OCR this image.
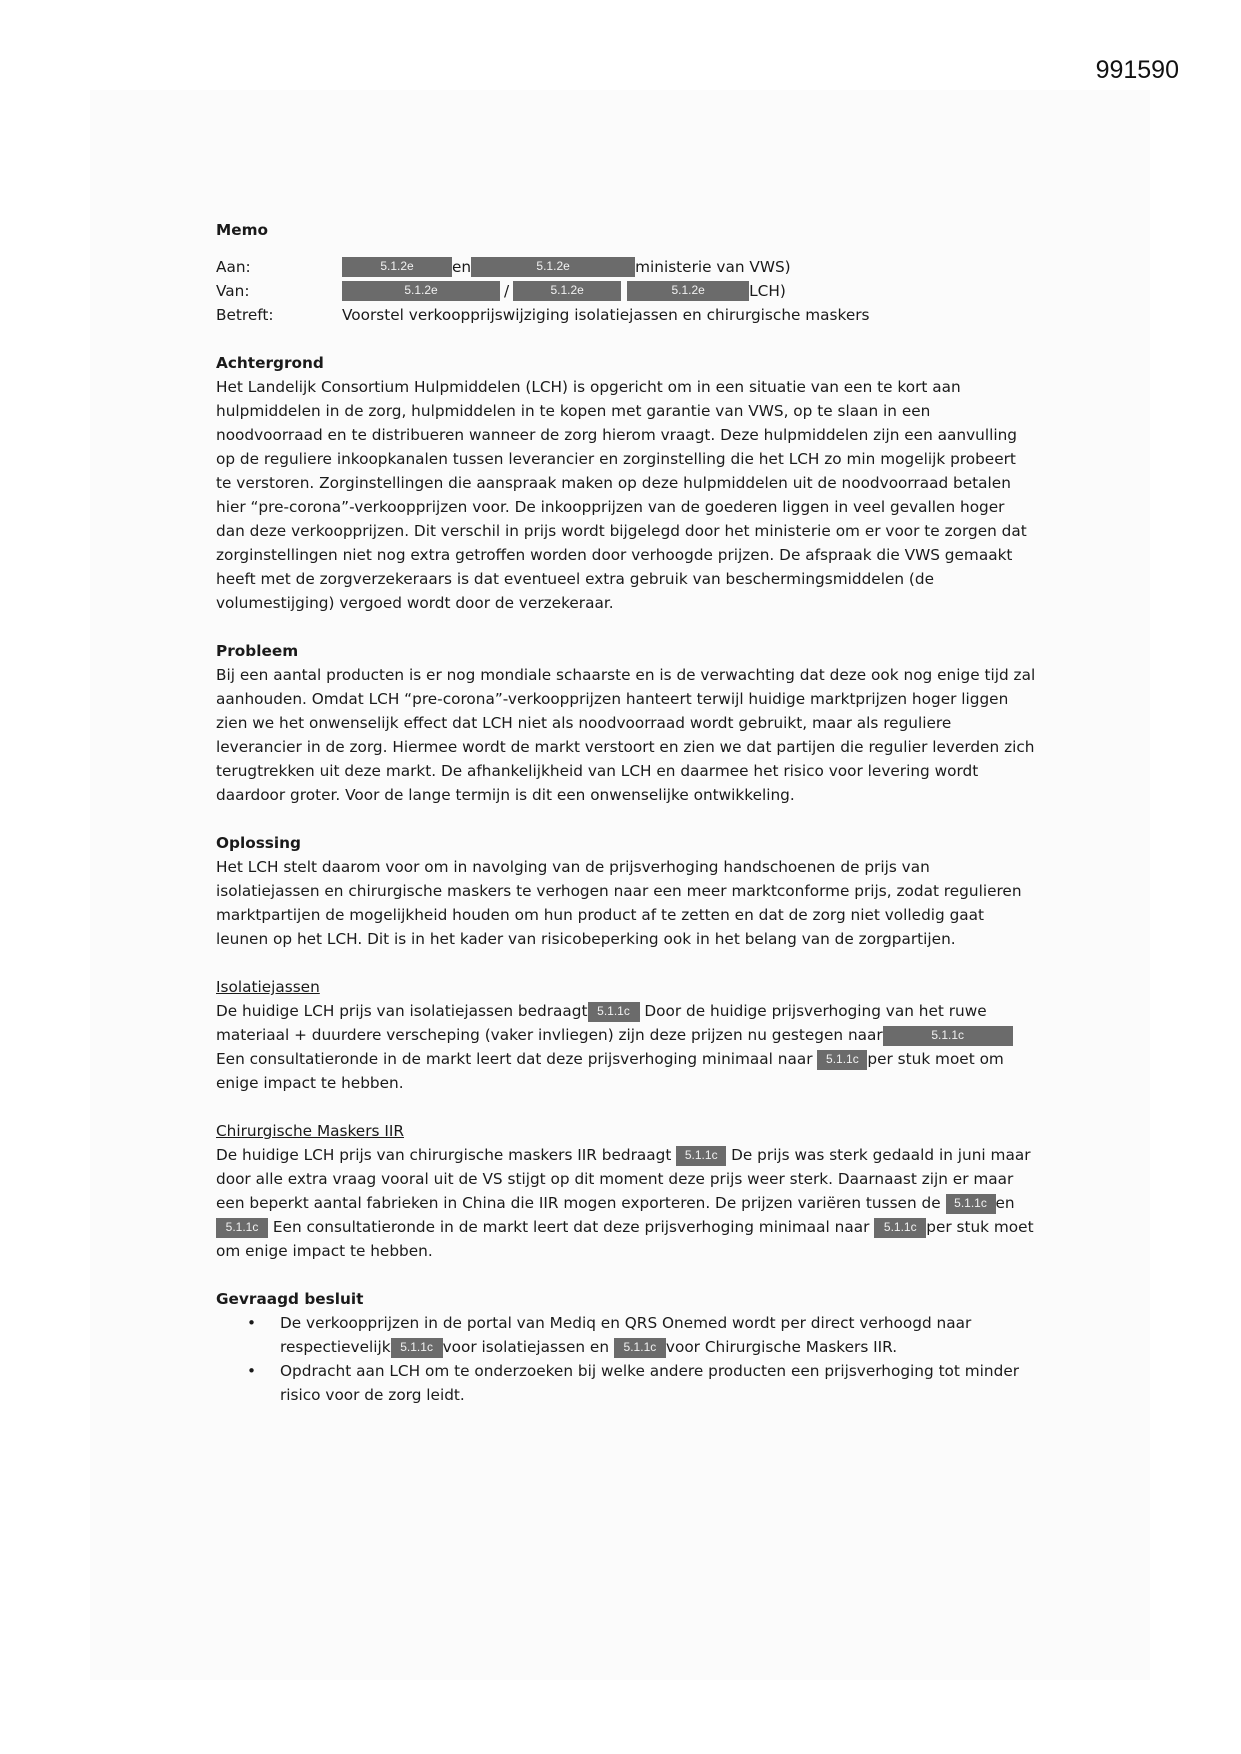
991590
Memo
Aan:	5.1.2e	en	5.1.2e	ministerie van VWS)
Van:	5.1.2e	/	5.1.2e	5.1.2e	LCH)
Betreft:	Voorstel verkoopprijswijziging isolatiejassen en chirurgische maskers
Achtergrond

Het Landelijk Consortium Hulpmiddelen (LCH) is opgericht om in een situatie van een te kort aan hulpmiddelen in de zorg, hulpmiddelen in te kopen met garantie van VWS, op te slaan in een noodvoorraad en te distribueren wanneer de zorg hierom vraagt. Deze hulpmiddelen zijn een aanvulling op de reguliere inkoopkanalen tussen leverancier en zorginstelling die het LCH zo min mogelijk probeert te verstoren. Zorginstellingen die aanspraak maken op deze hulpmiddelen uit de noodvoorraad betalen hier “pre-corona”-verkoopprijzen voor. De inkoopprijzen van de goederen liggen in veel gevallen hoger dan deze verkoopprijzen. Dit verschil in prijs wordt bijgelegd door het ministerie om er voor te zorgen dat zorginstellingen niet nog extra getroffen worden door verhoogde prijzen. De afspraak die VWS gemaakt heeft met de zorgverzekeraars is dat eventueel extra gebruik van beschermingsmiddelen (de volumestijging) vergoed wordt door de verzekeraar.

Probleem

Bij een aantal producten is er nog mondiale schaarste en is de verwachting dat deze ook nog enige tijd zal aanhouden. Omdat LCH “pre-corona”-verkoopprijzen hanteert terwijl huidige marktprijzen hoger liggen zien we het onwenselijk effect dat LCH niet als noodvoorraad wordt gebruikt, maar als reguliere leverancier in de zorg. Hiermee wordt de markt verstoort en zien we dat partijen die regulier leverden zich terugtrekken uit deze markt. De afhankelijkheid van LCH en daarmee het risico voor levering wordt daardoor groter. Voor de lange termijn is dit een onwenselijke ontwikkeling.

Oplossing

Het LCH stelt daarom voor om in navolging van de prijsverhoging handschoenen de prijs van isolatiejassen en chirurgische maskers te verhogen naar een meer marktconforme prijs, zodat regulieren marktpartijen de mogelijkheid houden om hun product af te zetten en dat de zorg niet volledig gaat leunen op het LCH. Dit is in het kader van risicobeperking ook in het belang van de zorgpartijen.

Isolatiejassen

De huidige LCH prijs van isolatiejassen bedraagt 5.1.1c Door de huidige prijsverhoging van het ruwe materiaal + duurdere verscheping (vaker invliegen) zijn deze prijzen nu gestegen naar	5.1.1c Een consultatieronde in de markt leert dat deze prijsverhoging minimaal naar 5.1.1c per stuk moet om enige impact te hebben.

Chirurgische Maskers IIR

De huidige LCH prijs van chirurgische maskers IIR bedraagt 5.1.1c De prijs was sterk gedaald in juni maar door alle extra vraag vooral uit de VS stijgt op dit moment deze prijs weer sterk. Daarnaast zijn er maar een beperkt aantal fabrieken in China die IIR mogen exporteren. De prijzen variëren tussen de 5.1.1c en 5.1.1c Een consultatieronde in de markt leert dat deze prijsverhoging minimaal naar 5.1.1c per stuk moet om enige impact te hebben.

Gevraagd besluit
• De verkoopprijzen in de portal van Mediq en QRS Onemed wordt per direct verhoogd naar respectievelijk 5.1.1c voor isolatiejassen en 5.1.1c voor Chirurgische Maskers IIR.
• Opdracht aan LCH om te onderzoeken bij welke andere producten een prijsverhoging tot minder risico voor de zorg leidt.
